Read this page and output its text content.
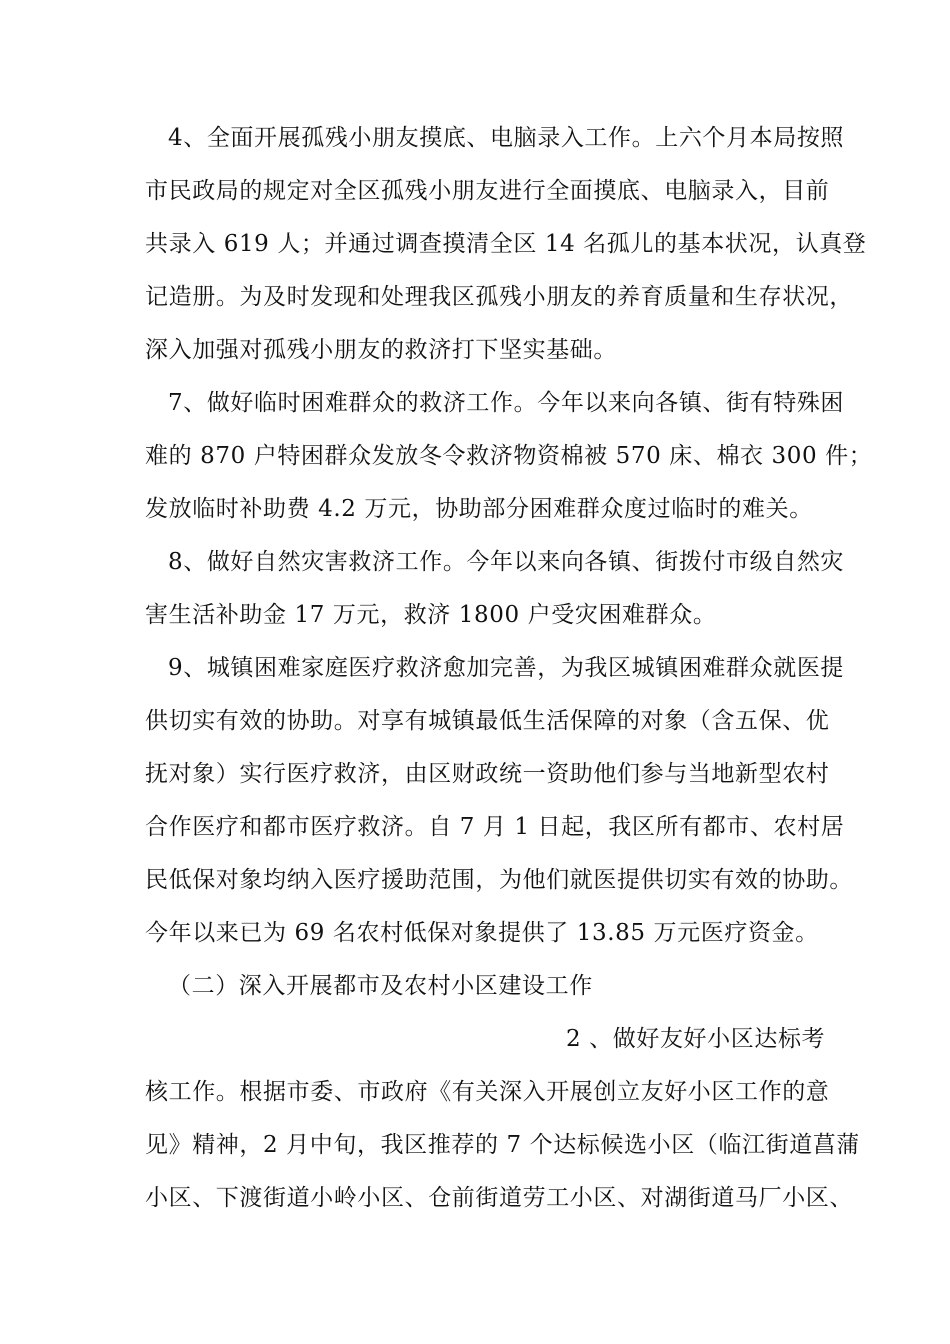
4、全面开展孤残小朋友摸底、电脑录入工作。上六个月本局按照
市民政局的规定对全区孤残小朋友进行全面摸底、电脑录入，目前
共录入 619 人；并通过调查摸清全区 14 名孤儿的基本状况，认真登
记造册。为及时发现和处理我区孤残小朋友的养育质量和生存状况，
深入加强对孤残小朋友的救济打下坚实基础。
7、做好临时困难群众的救济工作。今年以来向各镇、街有特殊困
难的 870 户特困群众发放冬令救济物资棉被 570 床、棉衣 300 件；
发放临时补助费 4.2 万元，协助部分困难群众度过临时的难关。
8、做好自然灾害救济工作。今年以来向各镇、街拨付市级自然灾
害生活补助金 17 万元，救济 1800 户受灾困难群众。
9、城镇困难家庭医疗救济愈加完善，为我区城镇困难群众就医提
供切实有效的协助。对享有城镇最低生活保障的对象（含五保、优
抚对象）实行医疗救济，由区财政统一资助他们参与当地新型农村
合作医疗和都市医疗救济。自 7 月 1 日起，我区所有都市、农村居
民低保对象均纳入医疗援助范围，为他们就医提供切实有效的协助。
今年以来已为 69 名农村低保对象提供了 13.85 万元医疗资金。
（二）深入开展都市及农村小区建设工作
2 、做好友好小区达标考
核工作。根据市委、市政府《有关深入开展创立友好小区工作的意
见》精神，2 月中旬，我区推荐的 7 个达标候选小区（临江街道菖蒲
小区、下渡街道小岭小区、仓前街道劳工小区、对湖街道马厂小区、
